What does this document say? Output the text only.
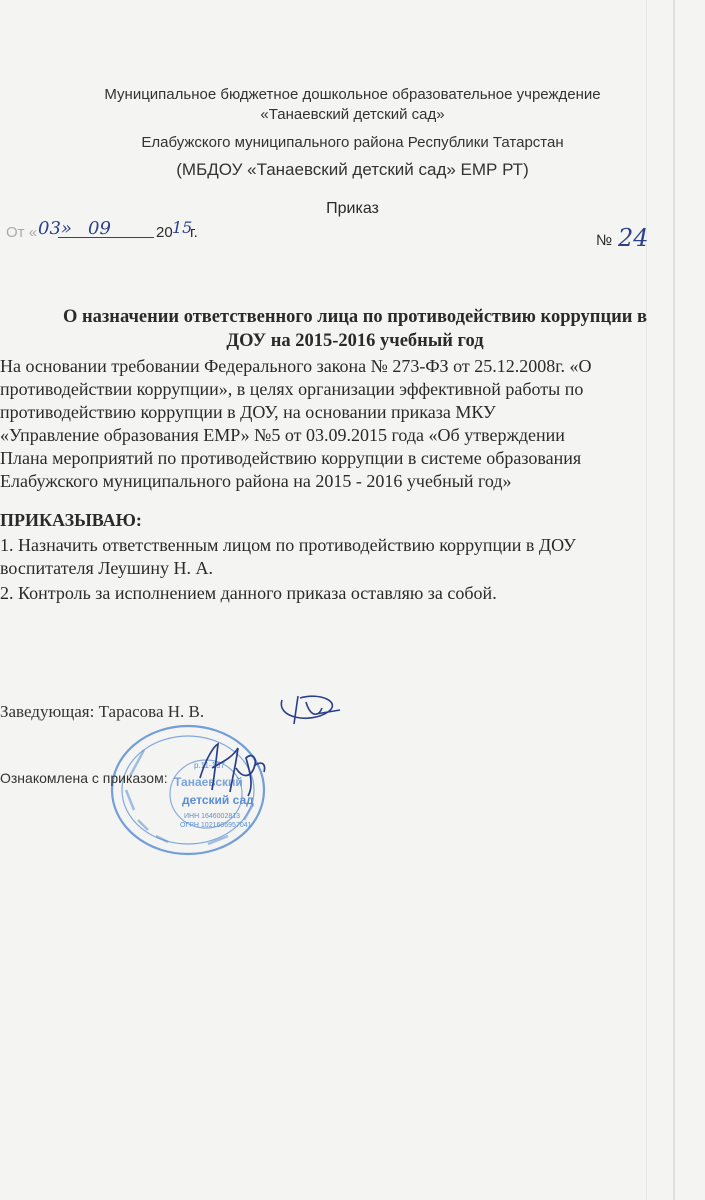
Муниципальное бюджетное дошкольное образовательное учреждение
«Танаевский детский сад»
Елабужского муниципального района Республики Татарстан
(МБДОУ «Танаевский детский сад» ЕМР РТ)
Приказ
От « 03» 09	20 15
г.	№ 24
О назначении ответственного лица по противодействию коррупции в
ДОУ на 2015-2016 учебный год
На основании требовании Федерального закона № 273-ФЗ от 25.12.2008г. «О
противодействии коррупции», в целях организации эффективной работы по
противодействию коррупции в ДОУ, на основании приказа МКУ
«Управление образования ЕМР» №5 от 03.09.2015 года «Об утверждении
Плана мероприятий по противодействию коррупции в системе образования
Елабужского муниципального района на 2015 - 2016 учебный год»
ПРИКАЗЫВАЮ:
1. Назначить ответственным лицом по противодействию коррупции в ДОУ
воспитателя Леушину Н. А.
2. Контроль за исполнением данного приказа оставляю за собой.
Заведующая: Тарасова Н. В.
р.11-137
Танаевский
детский сад
ИНН 1646002813
ОГРН 1021606957041
Ознакомлена с приказом:
